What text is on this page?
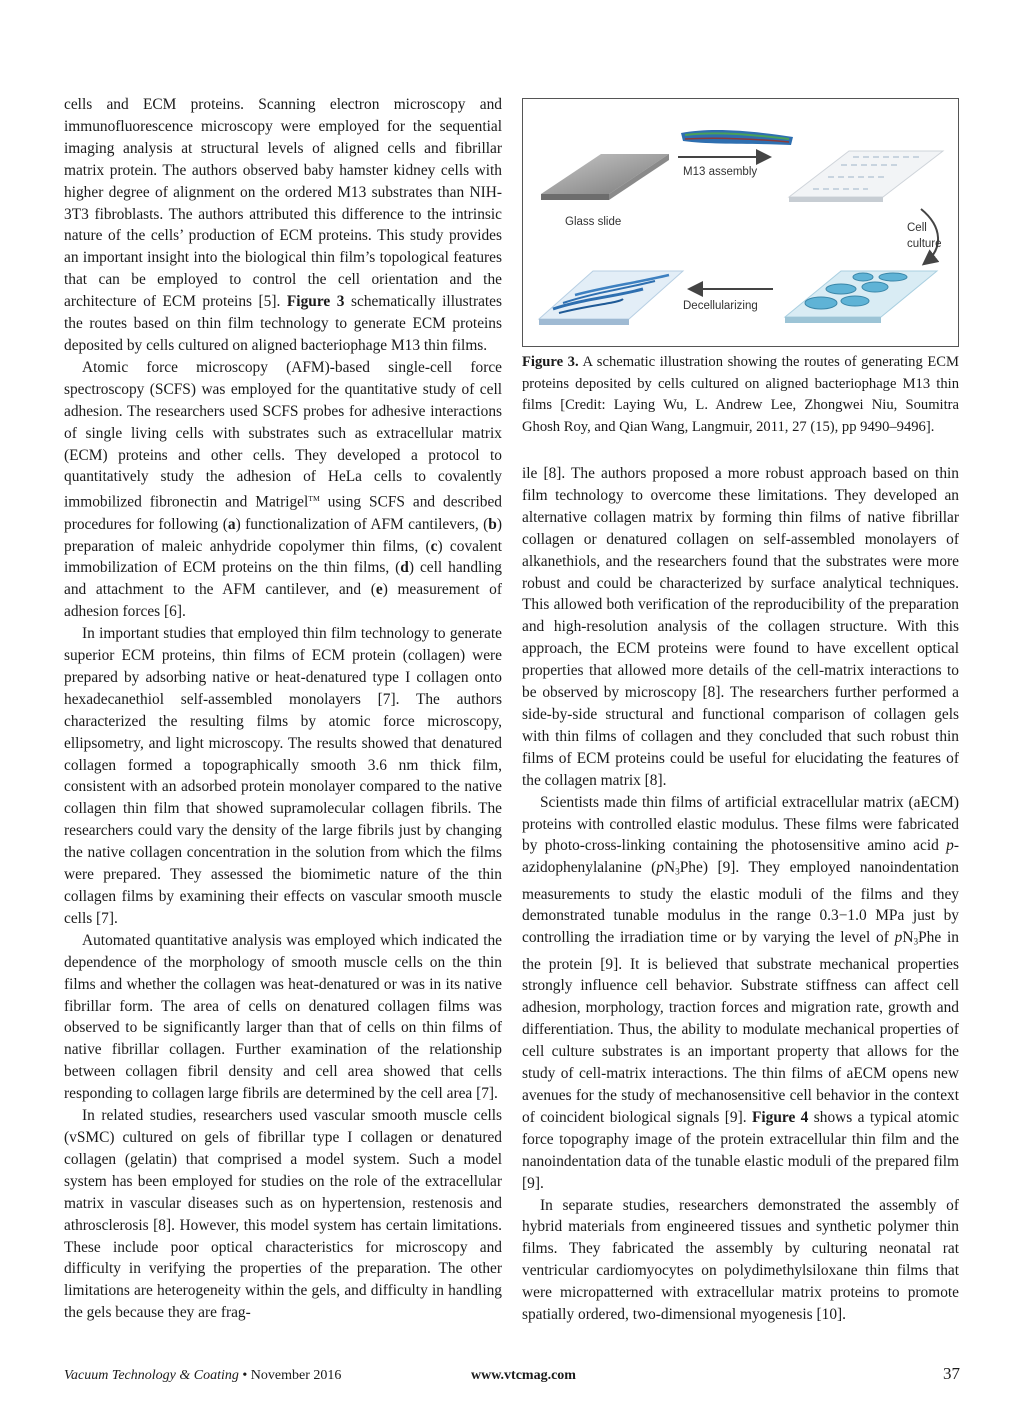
cells and ECM proteins. Scanning electron microscopy and immunofluorescence microscopy were employed for the sequential imaging analysis at structural levels of aligned cells and fibrillar matrix protein. The authors observed baby hamster kidney cells with higher degree of alignment on the ordered M13 substrates than NIH-3T3 fibroblasts. The authors attributed this difference to the intrinsic nature of the cells’ production of ECM proteins. This study provides an important insight into the biological thin film’s topological features that can be employed to control the cell orientation and the architecture of ECM proteins [5]. Figure 3 schematically illustrates the routes based on thin film technology to generate ECM proteins deposited by cells cultured on aligned bacteriophage M13 thin films.

Atomic force microscopy (AFM)-based single-cell force spectroscopy (SCFS) was employed for the quantitative study of cell adhesion. The researchers used SCFS probes for adhesive interactions of single living cells with substrates such as extracellular matrix (ECM) proteins and other cells. They developed a protocol to quantitatively study the adhesion of HeLa cells to covalently immobilized fibronectin and Matrigel™ using SCFS and described procedures for following (a) functionalization of AFM cantilevers, (b) preparation of maleic anhydride copolymer thin films, (c) covalent immobilization of ECM proteins on the thin films, (d) cell handling and attachment to the AFM cantilever, and (e) measurement of adhesion forces [6].

In important studies that employed thin film technology to generate superior ECM proteins, thin films of ECM protein (collagen) were prepared by adsorbing native or heat-denatured type I collagen onto hexadecanethiol self-assembled monolayers [7]. The authors characterized the resulting films by atomic force microscopy, ellipsometry, and light microscopy. The results showed that denatured collagen formed a topographically smooth 3.6 nm thick film, consistent with an adsorbed protein monolayer compared to the native collagen thin film that showed supramolecular collagen fibrils. The researchers could vary the density of the large fibrils just by changing the native collagen concentration in the solution from which the films were prepared. They assessed the biomimetic nature of the thin collagen films by examining their effects on vascular smooth muscle cells [7].

Automated quantitative analysis was employed which indicated the dependence of the morphology of smooth muscle cells on the thin films and whether the collagen was heat-denatured or was in its native fibrillar form. The area of cells on denatured collagen films was observed to be significantly larger than that of cells on thin films of native fibrillar collagen. Further examination of the relationship between collagen fibril density and cell area showed that cells responding to collagen large fibrils are determined by the cell area [7].

In related studies, researchers used vascular smooth muscle cells (vSMC) cultured on gels of fibrillar type I collagen or denatured collagen (gelatin) that comprised a model system. Such a model system has been employed for studies on the role of the extracellular matrix in vascular diseases such as on hypertension, restenosis and athrosclerosis [8]. However, this model system has certain limitations. These include poor optical characteristics for microscopy and difficulty in verifying the properties of the preparation. The other limitations are heterogeneity within the gels, and difficulty in handling the gels because they are frag-

Glass slide
M13 assembly
Cell
culture
Decellularizing
Figure 3. A schematic illustration showing the routes of generating ECM proteins deposited by cells cultured on aligned bacteriophage M13 thin films [Credit: Laying Wu, L. Andrew Lee, Zhongwei Niu, Soumitra Ghosh Roy, and Qian Wang, Langmuir, 2011, 27 (15), pp 9490–9496].

ile [8]. The authors proposed a more robust approach based on thin film technology to overcome these limitations. They developed an alternative collagen matrix by forming thin films of native fibrillar collagen or denatured collagen on self-assembled monolayers of alkanethiols, and the researchers found that the substrates were more robust and could be characterized by surface analytical techniques. This allowed both verification of the reproducibility of the preparation and high-resolution analysis of the collagen structure. With this approach, the ECM proteins were found to have excellent optical properties that allowed more details of the cell-matrix interactions to be observed by microscopy [8]. The researchers further performed a side-by-side structural and functional comparison of collagen gels with thin films of collagen and they concluded that such robust thin films of ECM proteins could be useful for elucidating the features of the collagen matrix [8].

Scientists made thin films of artificial extracellular matrix (aECM) proteins with controlled elastic modulus. These films were fabricated by photo-cross-linking containing the photosensitive amino acid p-azidophenylalanine $(pN_3Phe)$ [9]. They employed nanoindentation measurements to study the elastic moduli of the films and they demonstrated tunable modulus in the range 0.3−1.0 MPa just by controlling the irradiation time or by varying the level of $pN_3Phe$ in the protein [9]. It is believed that substrate mechanical properties strongly influence cell behavior. Substrate stiffness can affect cell adhesion, morphology, traction forces and migration rate, growth and differentiation. Thus, the ability to modulate mechanical properties of cell culture substrates is an important property that allows for the study of cell-matrix interactions. The thin films of aECM opens new avenues for the study of mechanosensitive cell behavior in the context of coincident biological signals [9]. Figure 4 shows a typical atomic force topography image of the protein extracellular thin film and the nanoindentation data of the tunable elastic moduli of the prepared film [9].

In separate studies, researchers demonstrated the assembly of hybrid materials from engineered tissues and synthetic polymer thin films. They fabricated the assembly by culturing neonatal rat ventricular cardiomyocytes on polydimethylsiloxane thin films that were micropatterned with extracellular matrix proteins to promote spatially ordered, two-dimensional myogenesis [10].

Vacuum Technology & Coating • November 2016	www.vtcmag.com	37
